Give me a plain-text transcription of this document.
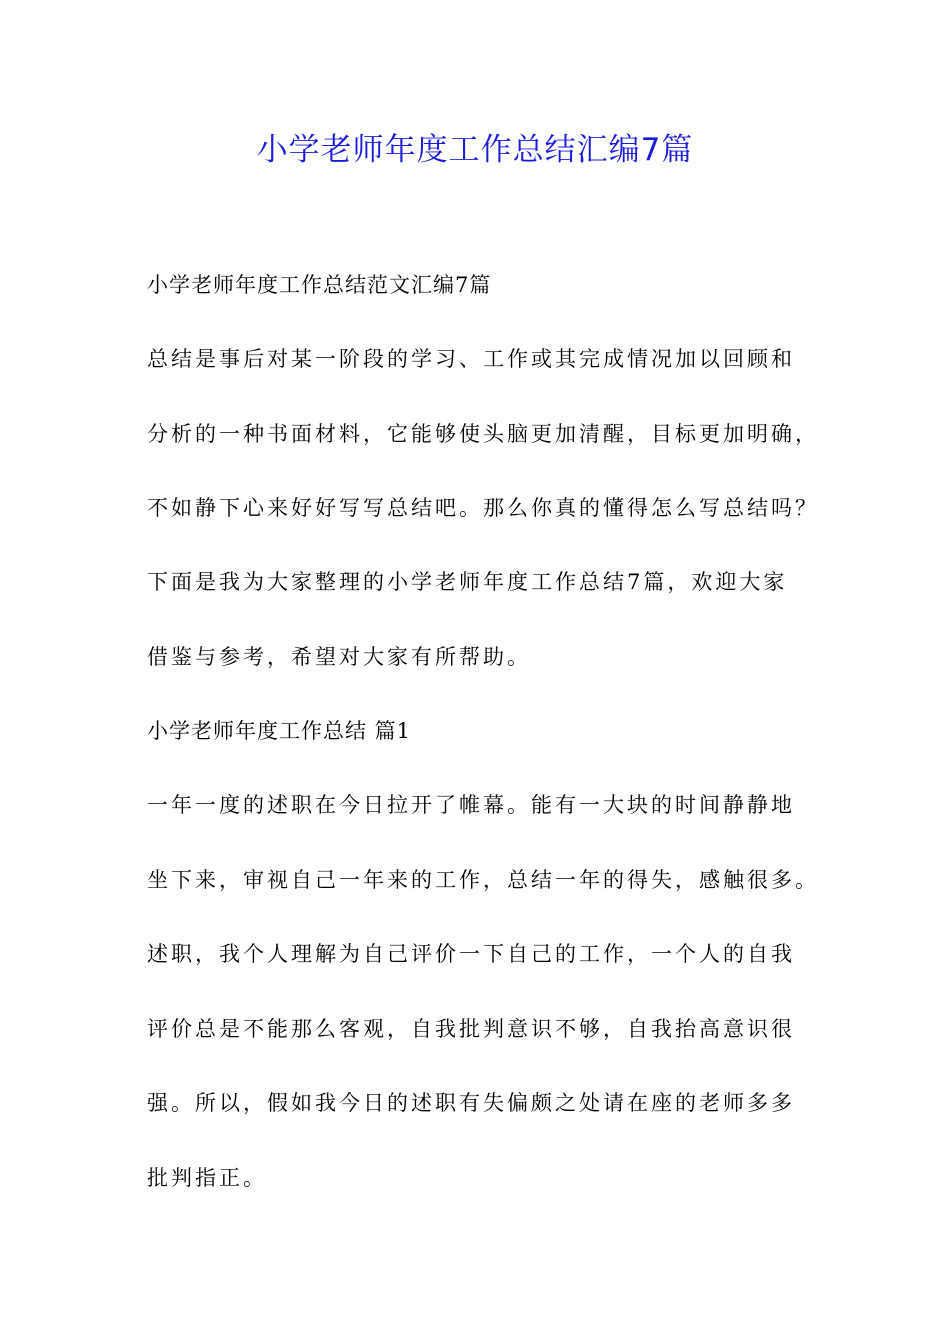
小学老师年度工作总结汇编7篇

小学老师年度工作总结范文汇编7篇

总结是事后对某一阶段的学习、工作或其完成情况加以回顾和

分析的一种书面材料，它能够使头脑更加清醒，目标更加明确，

不如静下心来好好写写总结吧。那么你真的懂得怎么写总结吗？

下面是我为大家整理的小学老师年度工作总结7篇，欢迎大家

借鉴与参考，希望对大家有所帮助。

小学老师年度工作总结 篇1

一年一度的述职在今日拉开了帷幕。能有一大块的时间静静地

坐下来，审视自己一年来的工作，总结一年的得失，感触很多。

述职，我个人理解为自己评价一下自己的工作，一个人的自我

评价总是不能那么客观，自我批判意识不够，自我抬高意识很

强。所以，假如我今日的述职有失偏颇之处请在座的老师多多

批判指正。
